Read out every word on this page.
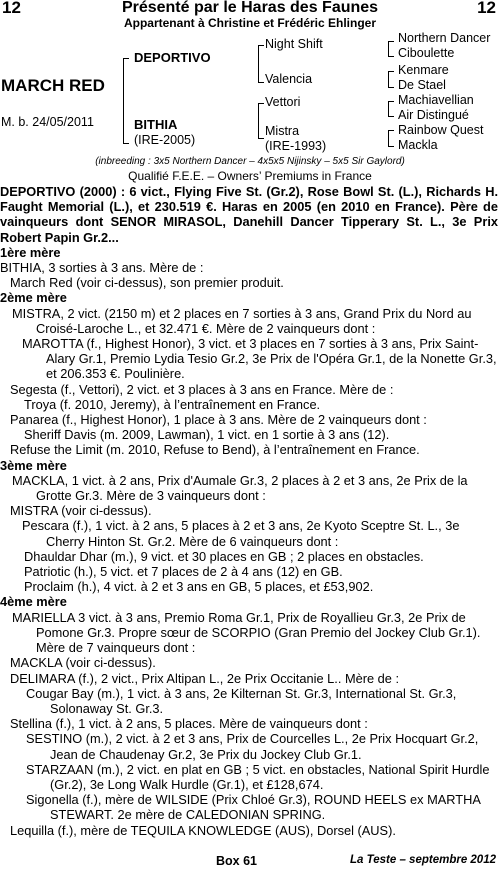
12	Présenté par le Haras des Faunes	12
Appartenant à Christine et Frédéric Ehlinger
MARCH RED
M. b. 24/05/2011
DEPORTIVO
BITHIA
(IRE-2005)
Night Shift
Valencia
Vettori
Mistra
(IRE-1993)
Northern Dancer
Ciboulette
Kenmare
De Stael
Machiavellian
Air Distingué
Rainbow Quest
Mackla
(inbreeding : 3x5 Northern Dancer – 4x5x5 Nijinsky – 5x5 Sir Gaylord)
Qualifié F.E.E. – Owners’ Premiums in France
DEPORTIVO (2000) : 6 vict., Flying Five St. (Gr.2), Rose Bowl St. (L.), Richards H. Faught Memorial (L.), et 230.519 €. Haras en 2005 (en 2010 en France). Père de vainqueurs dont SENOR MIRASOL, Danehill Dancer Tipperary St. L., 3e Prix Robert Papin Gr.2...
1ère mère
BITHIA, 3 sorties à 3 ans. Mère de :
March Red (voir ci-dessus), son premier produit.
2ème mère
MISTRA, 2 vict. (2150 m) et 2 places en 7 sorties à 3 ans, Grand Prix du Nord au Croisé-Laroche L., et 32.471 €. Mère de 2 vainqueurs dont :
MAROTTA (f., Highest Honor), 3 vict. et 3 places en 7 sorties à 3 ans, Prix Saint-Alary Gr.1, Premio Lydia Tesio Gr.2, 3e Prix de l'Opéra Gr.1, de la Nonette Gr.3, et 206.353 €. Poulinière.
Segesta (f., Vettori), 2 vict. et 3 places à 3 ans en France. Mère de :
Troya (f. 2010, Jeremy), à l’entraînement en France.
Panarea (f., Highest Honor), 1 place à 3 ans. Mère de 2 vainqueurs dont :
Sheriff Davis (m. 2009, Lawman), 1 vict. en 1 sortie à 3 ans (12).
Refuse the Limit (m. 2010, Refuse to Bend), à l’entraînement en France.
3ème mère
MACKLA, 1 vict. à 2 ans, Prix d'Aumale Gr.3, 2 places à 2 et 3 ans, 2e Prix de la Grotte Gr.3. Mère de 3 vainqueurs dont :
MISTRA (voir ci-dessus).
Pescara (f.), 1 vict. à 2 ans, 5 places à 2 et 3 ans, 2e Kyoto Sceptre St. L., 3e Cherry Hinton St. Gr.2. Mère de 6 vainqueurs dont :
Dhauldar Dhar (m.), 9 vict. et 30 places en GB ; 2 places en obstacles.
Patriotic (h.), 5 vict. et 7 places de 2 à 4 ans (12) en GB.
Proclaim (h.), 4 vict. à 2 et 3 ans en GB, 5 places, et £53,902.
4ème mère
MARIELLA 3 vict. à 3 ans, Premio Roma Gr.1, Prix de Royallieu Gr.3, 2e Prix de Pomone Gr.3. Propre sœur de SCORPIO (Gran Premio del Jockey Club Gr.1). Mère de 7 vainqueurs dont :
MACKLA (voir ci-dessus).
DELIMARA (f.), 2 vict., Prix Altipan L., 2e Prix Occitanie L.. Mère de :
Cougar Bay (m.), 1 vict. à 3 ans, 2e Kilternan St. Gr.3, International St. Gr.3, Solonaway St. Gr.3.
Stellina (f.), 1 vict. à 2 ans, 5 places. Mère de vainqueurs dont :
SESTINO (m.), 2 vict. à 2 et 3 ans, Prix de Courcelles L., 2e Prix Hocquart Gr.2, Jean de Chaudenay Gr.2, 3e Prix du Jockey Club Gr.1.
STARZAAN (m.), 2 vict. en plat en GB ; 5 vict. en obstacles, National Spirit Hurdle (Gr.2), 3e Long Walk Hurdle (Gr.1), et £128,674.
Sigonella (f.), mère de WILSIDE (Prix Chloé Gr.3), ROUND HEELS ex MARTHA STEWART. 2e mère de CALEDONIAN SPRING.
Lequilla (f.), mère de TEQUILA KNOWLEDGE (AUS), Dorsel (AUS).
Box 61	La Teste – septembre 2012
